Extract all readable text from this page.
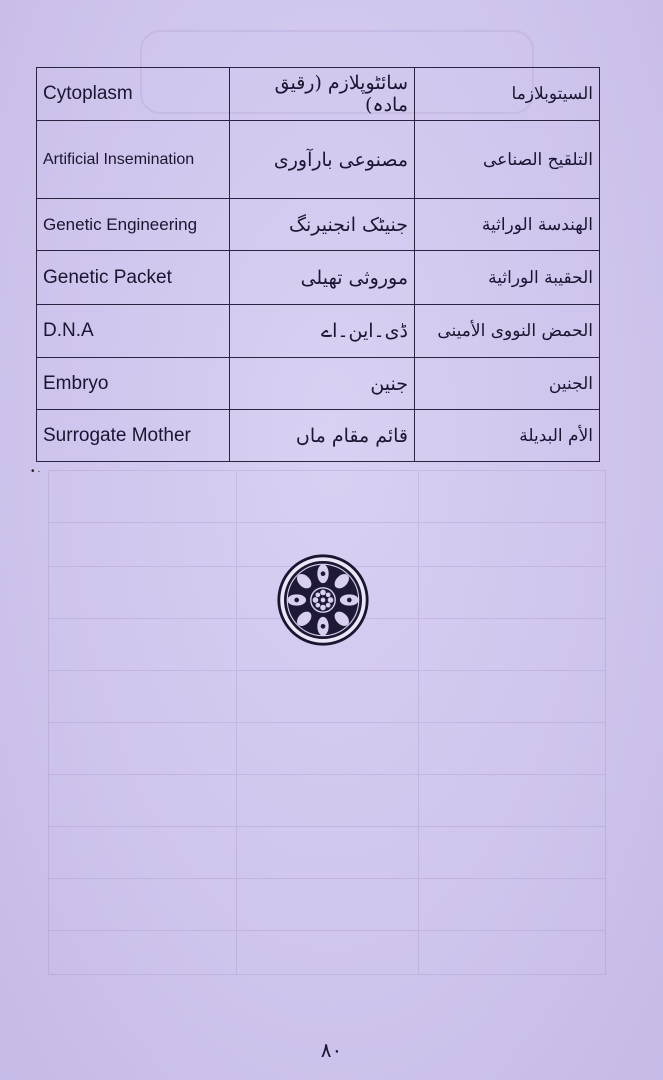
Cytoplasm	سائٹوپلازم (رقیق مادہ)	السیتوبلازما
Artificial Insemination	مصنوعی بارآوری	التلقیح الصناعی
Genetic Engineering	جنیٹک انجنیرنگ	الھندسة الوراثیة
Genetic Packet	موروثی تھیلی	الحقیبة الوراثیة
D.N.A	ڈی۔این۔اے	الحمض النووی الأمینی
Embryo	جنین	الجنین
Surrogate Mother	قائم مقام ماں	الأم البدیلة
• ·
۸۰
